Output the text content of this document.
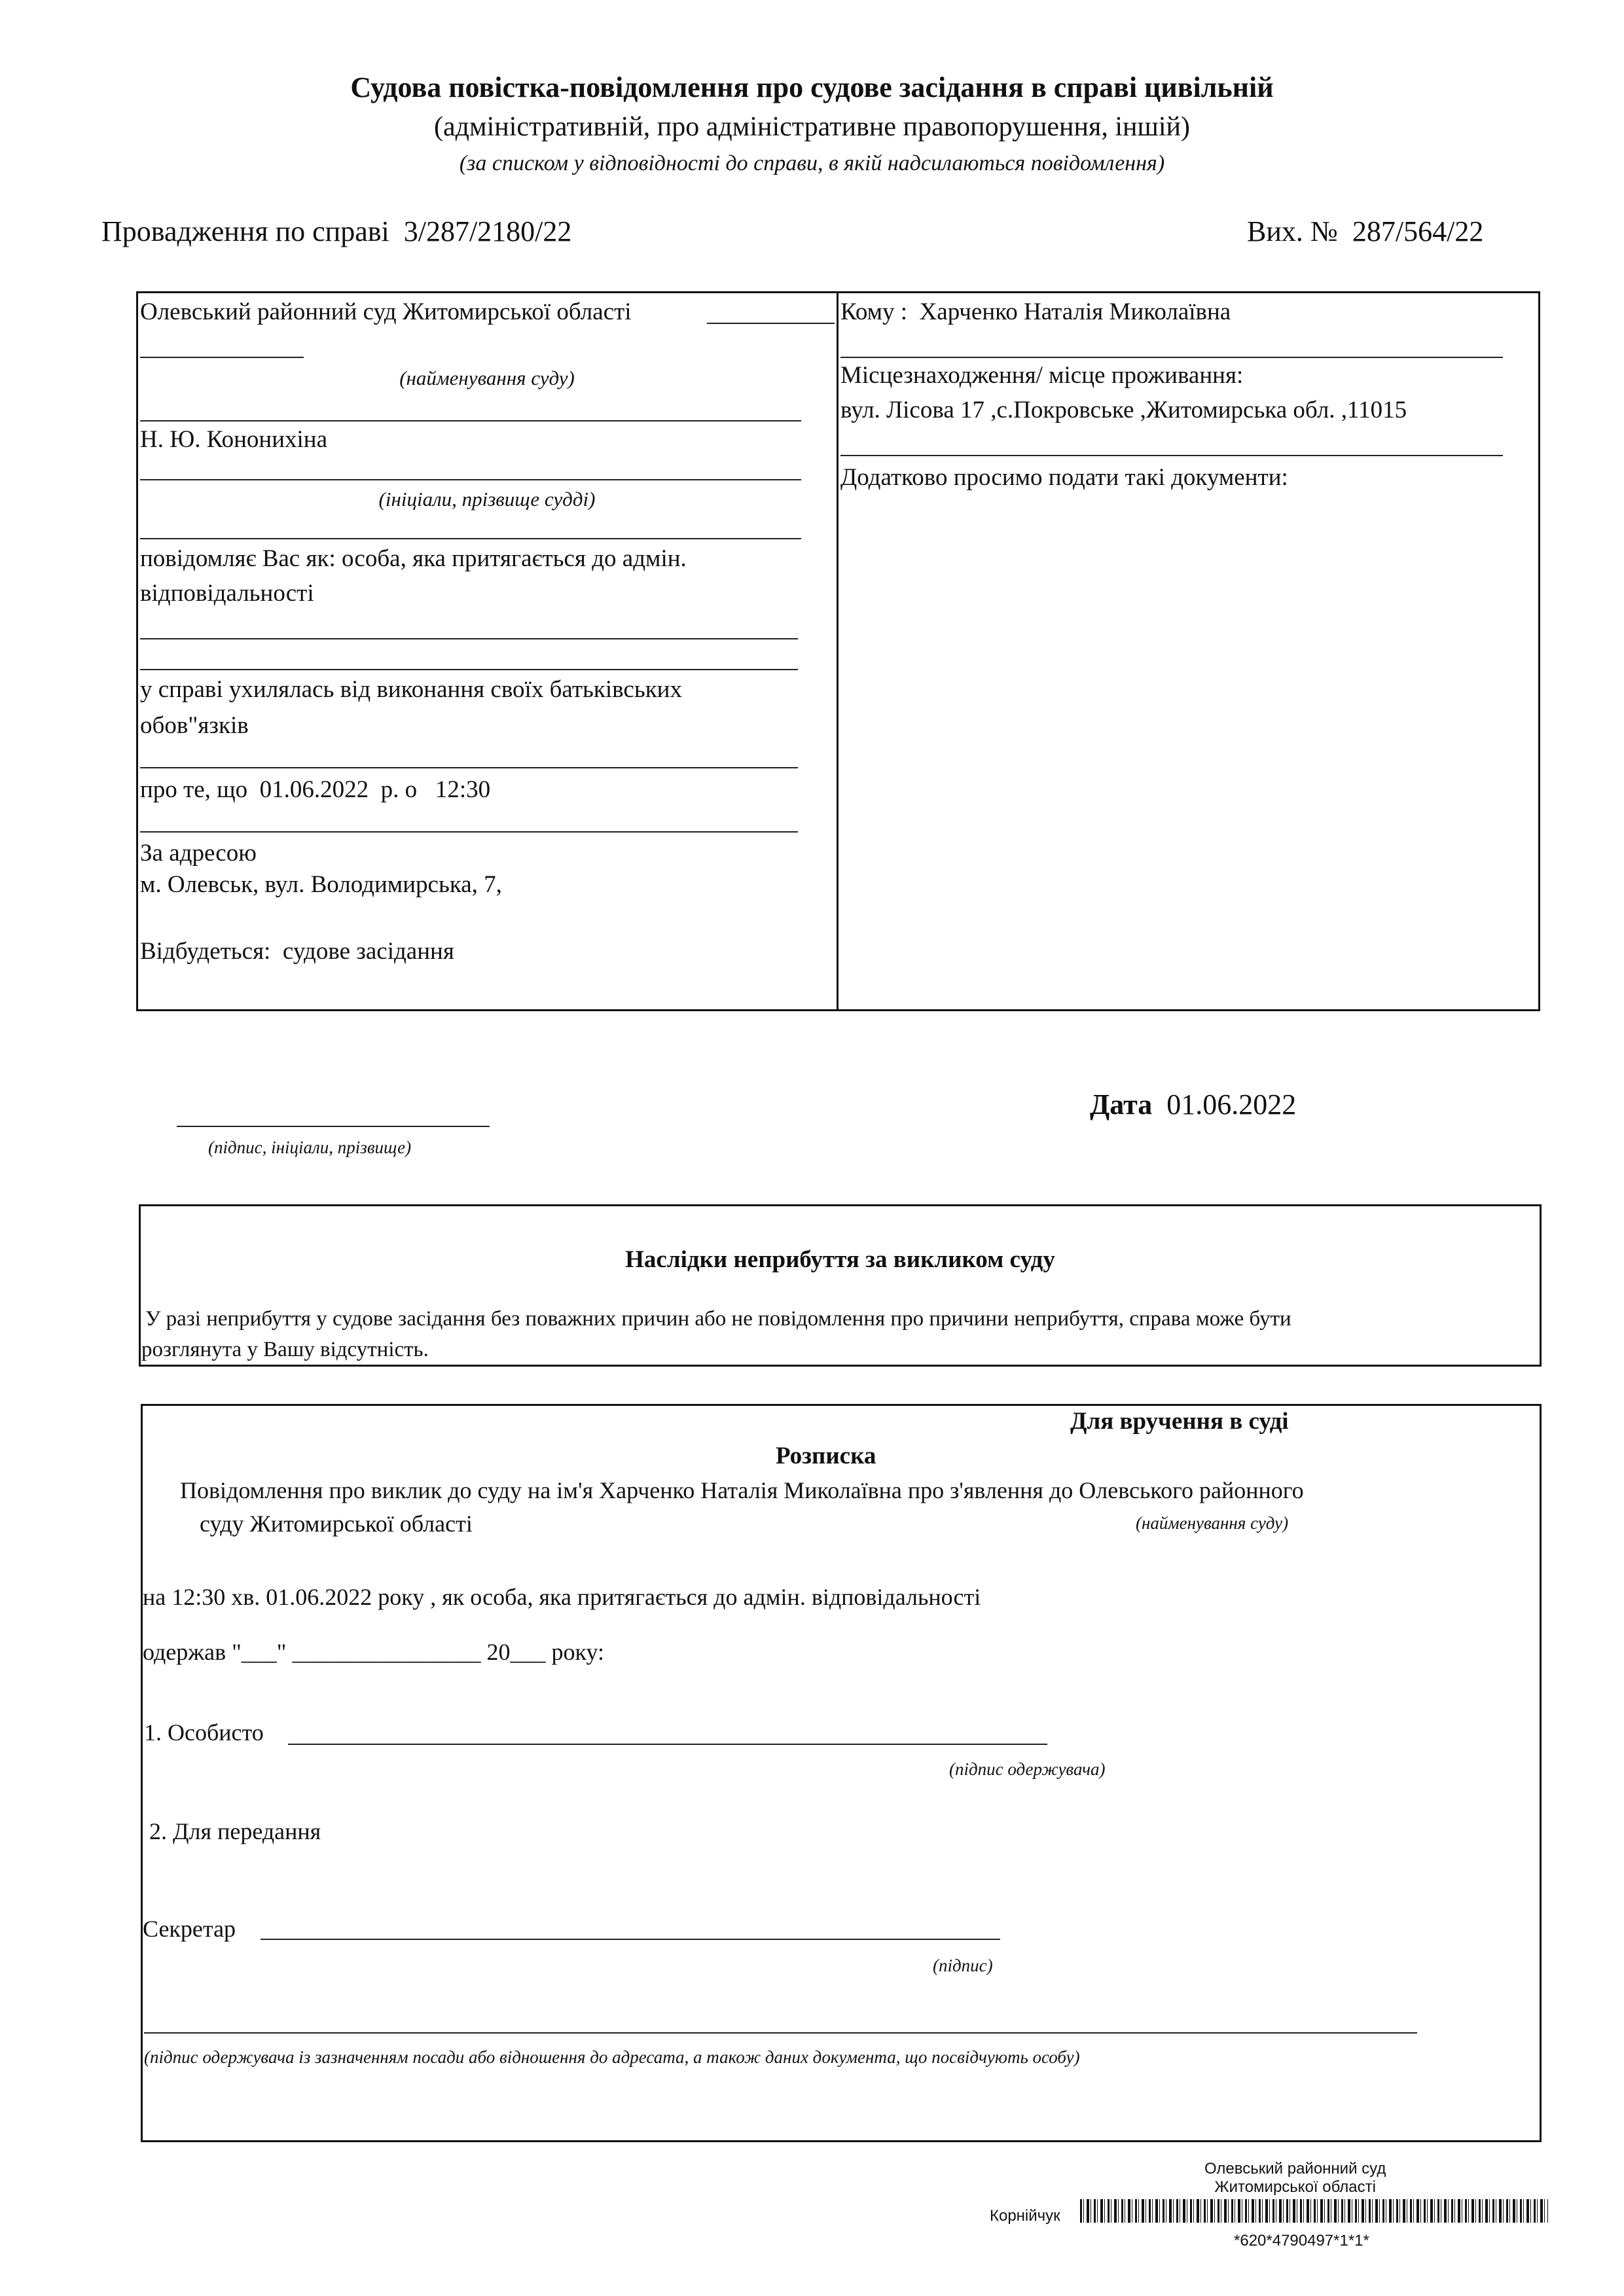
Судова повістка-повідомлення про судове засідання в справі цивільній
(адміністративній, про адміністративне правопорушення, іншій)
(за списком у відповідності до справи, в якій надсилаються повідомлення)
Провадження по справі 3/287/2180/22	Вих. № 287/564/22
Олевський районний суд Житомирської області
(найменування суду)
Н. Ю. Кононихіна
(ініціали, прізвище судді)
повідомляє Вас як: особа, яка притягається до адмін.
відповідальності
у справі ухилялась від виконання своїх батьківських
обов"язків
про те, що 01.06.2022 р. о 12:30
За адресою
м. Олевськ, вул. Володимирська, 7,
Відбудеться: судове засідання
Кому : Харченко Наталія Миколаївна
Місцезнаходження/ місце проживання:
вул. Лісова 17 ,с.Покровське ,Житомирська обл. ,11015
Додатково просимо подати такі документи:
(підпис, ініціали, прізвище)
Дата 01.06.2022
Наслідки неприбуття за викликом суду
У разі неприбуття у судове засідання без поважних причин або не повідомлення про причини неприбуття, справа може бути
розглянута у Вашу відсутність.
Для вручення в суді
Розписка
Повідомлення про виклик до суду на ім'я Харченко Наталія Миколаївна про з'явлення до Олевського районного
суду Житомирської області	(найменування суду)
на 12:30 хв. 01.06.2022 року , як особа, яка притягається до адмін. відповідальності
одержав "___" ________________ 20___ року:
1. Особисто
(підпис одержувача)
2. Для передання
Секретар
(підпис)
(підпис одержувача із зазначенням посади або відношення до адресата, а також даних документа, що посвідчують особу)
Олевський районний суд
Житомирської області
Корнійчук
*620*4790497*1*1*
